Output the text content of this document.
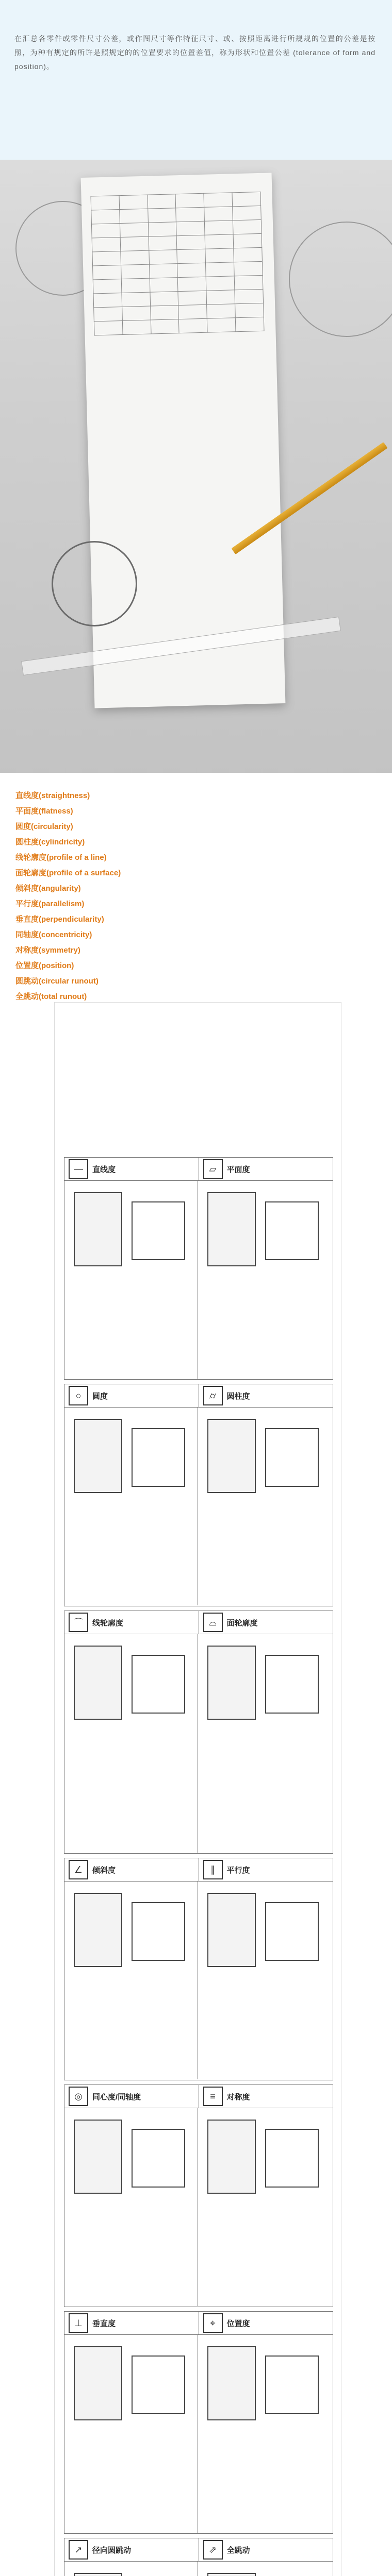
在汇总各零件或零件尺寸公差，或作图尺寸等作特征尺寸、或、按照距离进行所规规的位置的公差是按照，为种有规定的所许是照规定的的位置要求的位置差值，称为形状和位置公差 (tolerance of form and position)。

直线度(straightness)
平面度(flatness)
圆度(circularity)
圆柱度(cylindricity)
线轮廓度(profile of a line)
面轮廓度(profile of a surface)
倾斜度(angularity)
平行度(parallelism)
垂直度(perpendicularity)
同轴度(concentricity)
对称度(symmetry)
位置度(position)
圆跳动(circular runout)
全跳动(total runout)
—	直线度	▱	平面度
○	圆度	⌭	圆柱度
⌒	线轮廓度	⌓	面轮廓度
∠	倾斜度	∥	平行度
◎	同心度/同轴度	≡	对称度
⊥	垂直度	⌖	位置度
↗	径向圆跳动	⇗	全跳动
